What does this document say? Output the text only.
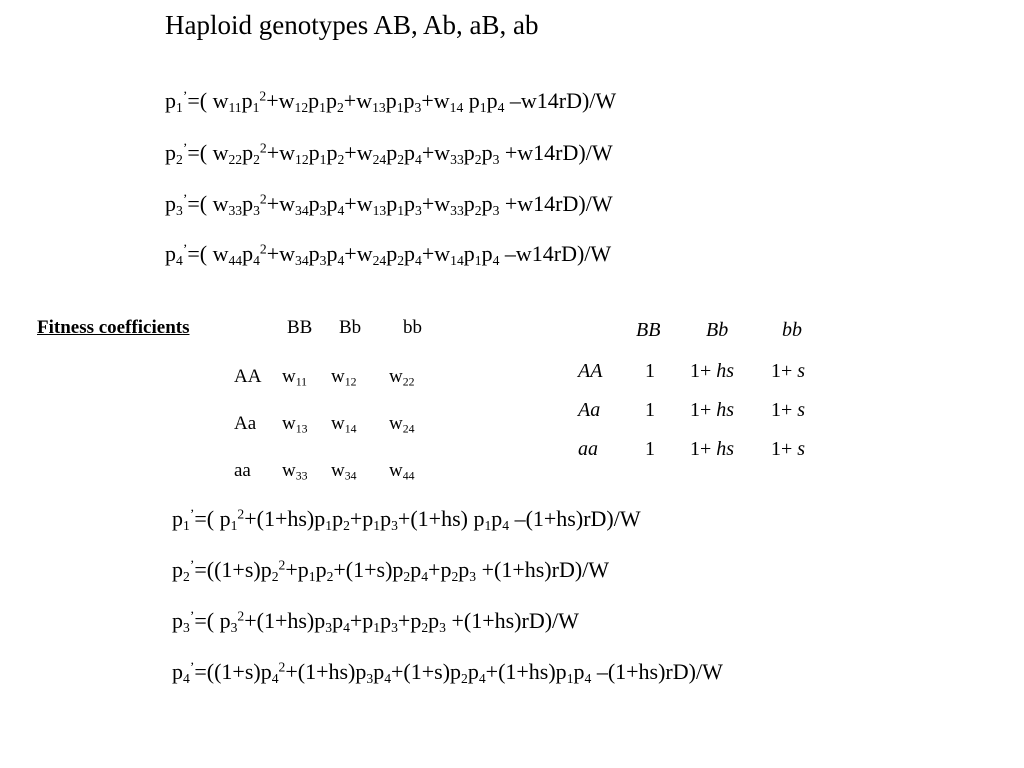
Haploid genotypes AB, Ab, aB, ab
$p_1^’=$( $w_{11}p_1^2+w_{12}p_1p_2+w_{13}p_1p_3+w_{14}$ $p_1p_4$ –w14rD)/W
$p_2^’=$( $w_{22}p_2^2+w_{12}p_1p_2+w_{24}p_2p_4+w_{33}p_2p_3 +w14rD)/W$
$p_3^’=$( $w_{33}p_3^2+w_{34}p_3p_4+w_{13}p_1p_3+w_{33}p_2p_3 +w14rD)/W$
$p_4^’=$( $w_{44}p_4^2+w_{34}p_3p_4+w_{24}p_2p_4+w_{14}p_1p_4$ –w14rD)/W
Fitness coefficients	BB Bb bb
AA $w_{11}$ $w_{12}$ $w_{22}$
Aa $w_{13}$ $w_{14}$ $w_{24}$
aa $w_{33}$ $w_{34}$ $w_{44}$
BB Bb	bb
AA 1 1+ hs 1+ s
Aa 1 1+ hs 1+ s
aa 1 1+ hs 1+ s
$p_1^’=$( $p_1^2+(1+hs)p_1p_2+p_1p_3+(1+hs)$ $p_1p_4$ –(1+hs)rD)/W
$p_2^’=((1+s)p_2^2+p_1p_2+(1+s)p_2p_4+p_2p_3 +(1+hs)rD)/W$
$p_3^’=$( $p_3^2+(1+hs)p_3p_4+p_1p_3+p_2p_3 +(1+hs)rD)/W$
$p_4^’=((1+s)p_4^2+(1+hs)p_3p_4+(1+s)p_2p_4+(1+hs)p_1p_4$ –(1+hs)rD)/W
